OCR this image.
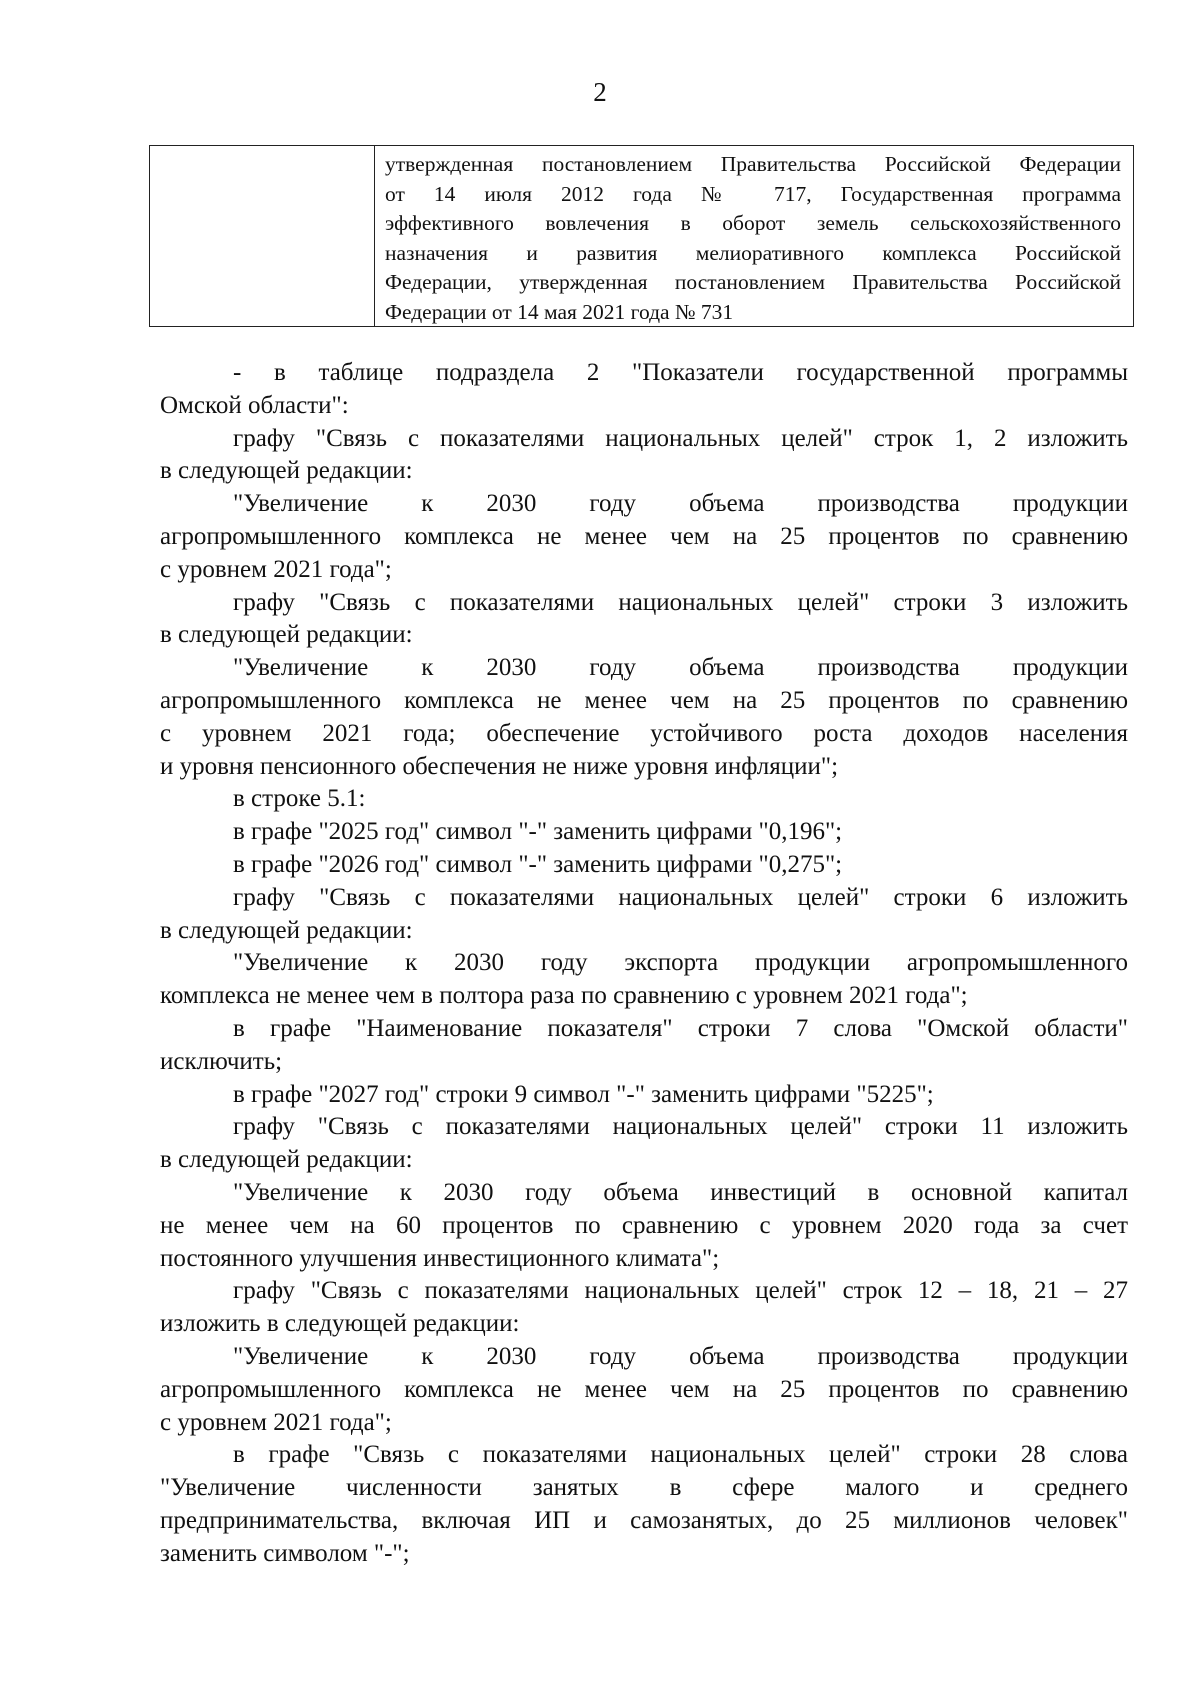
2
утвержденная постановлением Правительства Российской Федерации
от 14 июля 2012 года № 717, Государственная программа
эффективного вовлечения в оборот земель сельскохозяйственного
назначения и развития мелиоративного комплекса Российской
Федерации, утвержденная постановлением Правительства Российской
Федерации от 14 мая 2021 года № 731
- в таблице подраздела 2 "Показатели государственной программы
Омской области":
графу "Связь с показателями национальных целей" строк 1, 2 изложить
в следующей редакции:
"Увеличение к 2030 году объема производства продукции
агропромышленного комплекса не менее чем на 25 процентов по сравнению
с уровнем 2021 года";
графу "Связь с показателями национальных целей" строки 3 изложить
в следующей редакции:
"Увеличение к 2030 году объема производства продукции
агропромышленного комплекса не менее чем на 25 процентов по сравнению
с уровнем 2021 года; обеспечение устойчивого роста доходов населения
и уровня пенсионного обеспечения не ниже уровня инфляции";
в строке 5.1:
в графе "2025 год" символ "-" заменить цифрами "0,196";
в графе "2026 год" символ "-" заменить цифрами "0,275";
графу "Связь с показателями национальных целей" строки 6 изложить
в следующей редакции:
"Увеличение к 2030 году экспорта продукции агропромышленного
комплекса не менее чем в полтора раза по сравнению с уровнем 2021 года";
в графе "Наименование показателя" строки 7 слова "Омской области"
исключить;
в графе "2027 год" строки 9 символ "-" заменить цифрами "5225";
графу "Связь с показателями национальных целей" строки 11 изложить
в следующей редакции:
"Увеличение к 2030 году объема инвестиций в основной капитал
не менее чем на 60 процентов по сравнению с уровнем 2020 года за счет
постоянного улучшения инвестиционного климата";
графу "Связь с показателями национальных целей" строк 12 – 18, 21 – 27
изложить в следующей редакции:
"Увеличение к 2030 году объема производства продукции
агропромышленного комплекса не менее чем на 25 процентов по сравнению
с уровнем 2021 года";
в графе "Связь с показателями национальных целей" строки 28 слова
"Увеличение численности занятых в сфере малого и среднего
предпринимательства, включая ИП и самозанятых, до 25 миллионов человек"
заменить символом "-";
